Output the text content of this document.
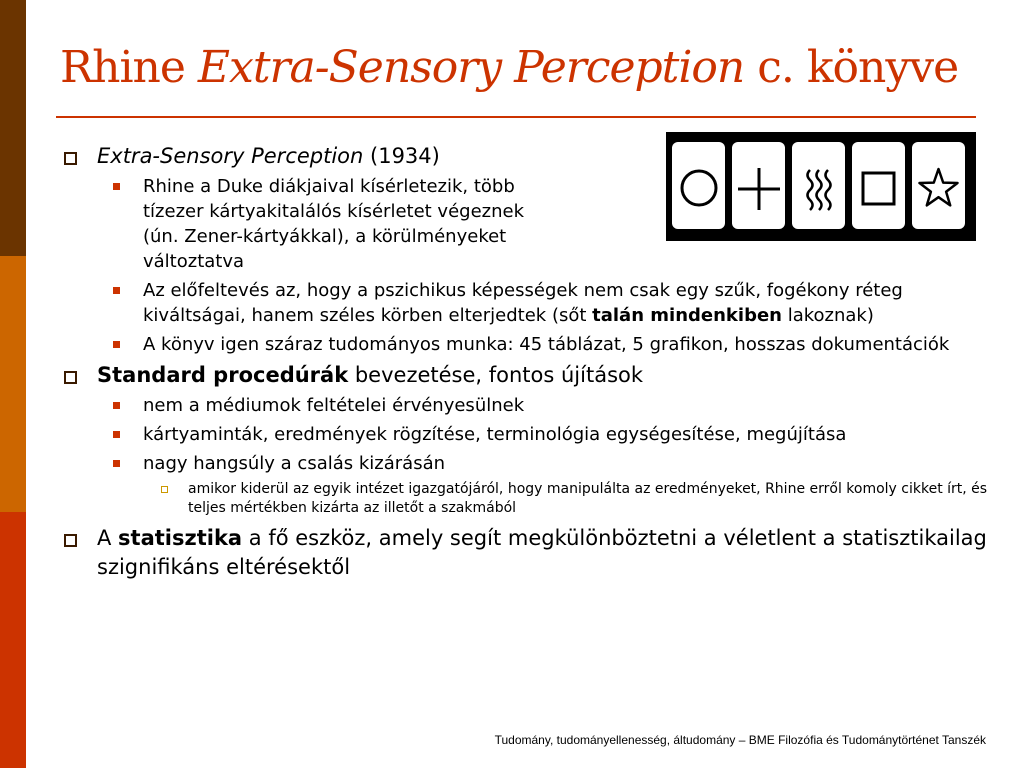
Rhine Extra-Sensory Perception c. könyve
Extra-Sensory Perception (1934)
Rhine a Duke diákjaival kísérletezik, több
tízezer kártyakitalálós kísérletet végeznek
(ún. Zener-kártyákkal), a körülményeket
változtatva
Az előfeltevés az, hogy a pszichikus képességek nem csak egy szűk, fogékony réteg kiváltságai, hanem széles körben elterjedtek (sőt talán mindenkiben lakoznak)
A könyv igen száraz tudományos munka: 45 táblázat, 5 grafikon, hosszas dokumentációk
Standard procedúrák bevezetése, fontos újítások
nem a médiumok feltételei érvényesülnek
kártyaminták, eredmények rögzítése, terminológia egységesítése, megújítása
nagy hangsúly a csalás kizárásán
amikor kiderül az egyik intézet igazgatójáról, hogy manipulálta az eredményeket, Rhine erről komoly cikket írt, és teljes mértékben kizárta az illetőt a szakmából
A statisztika a fő eszköz, amely segít megkülönböztetni a véletlent a statisztikailag szignifikáns eltérésektől
Tudomány, tudományellenesség, áltudomány – BME Filozófia és Tudománytörténet Tanszék
